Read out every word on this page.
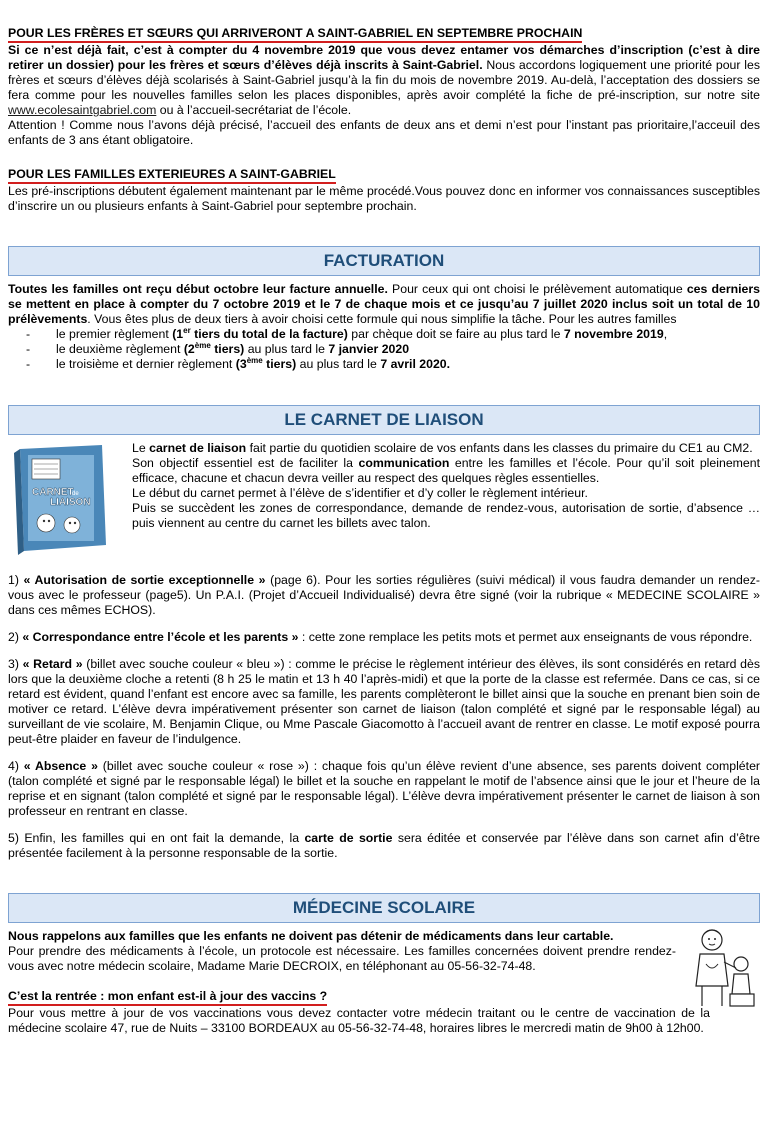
POUR LES FRÈRES ET SŒURS QUI ARRIVERONT A SAINT-GABRIEL EN SEPTEMBRE PROCHAIN

Si ce n’est déjà fait, c’est à compter du 4 novembre 2019 que vous devez entamer vos démarches d’inscription (c’est à dire retirer un dossier) pour les frères et sœurs d’élèves déjà inscrits à Saint-Gabriel. Nous accordons logiquement une priorité pour les frères et sœurs d’élèves déjà scolarisés à Saint-Gabriel jusqu’à la fin du mois de novembre 2019. Au-delà, l’acceptation des dossiers se fera comme pour les nouvelles familles selon les places disponibles, après avoir complété la fiche de pré-inscription, sur notre site www.ecolesaintgabriel.com ou à l’accueil-secrétariat de l’école.

Attention ! Comme nous l’avons déjà précisé, l’accueil des enfants de deux ans et demi n’est pour l’instant pas prioritaire,l’acceuil des enfants de 3 ans étant obligatoire.

POUR LES FAMILLES EXTERIEURES A SAINT-GABRIEL

Les pré-inscriptions débutent également maintenant par le même procédé.Vous pouvez donc en informer vos connaissances susceptibles d’inscrire un ou plusieurs enfants à Saint-Gabriel pour septembre prochain.

FACTURATION

Toutes les familles ont reçu début octobre leur facture annuelle. Pour ceux qui ont choisi le prélèvement automatique ces derniers se mettent en place à compter du 7 octobre 2019 et le 7 de chaque mois et ce jusqu’au 7 juillet 2020 inclus soit un total de 10 prélèvements. Vous êtes plus de deux tiers à avoir choisi cette formule qui nous simplifie la tâche. Pour les autres familles

- le premier règlement (1er tiers du total de la facture) par chèque doit se faire au plus tard le 7 novembre 2019,
- le deuxième règlement (2ème tiers) au plus tard le 7 janvier 2020
- le troisième et dernier règlement (3ème tiers) au plus tard le 7 avril 2020.
LE CARNET DE LIAISON
CARNET
de
LIAISON

Le carnet de liaison fait partie du quotidien scolaire de vos enfants dans les classes du primaire du CE1 au CM2.

Son objectif essentiel est de faciliter la communication entre les familles et l’école. Pour qu’il soit pleinement efficace, chacune et chacun devra veiller au respect des quelques règles essentielles.

Le début du carnet permet à l’élève de s’identifier et d’y coller le règlement intérieur.

Puis se succèdent les zones de correspondance, demande de rendez-vous, autorisation de sortie, d’absence … puis viennent au centre du carnet les billets avec talon.

1) « Autorisation de sortie exceptionnelle » (page 6). Pour les sorties régulières (suivi médical) il vous faudra demander un rendez-vous avec le professeur (page5). Un P.A.I. (Projet d’Accueil Individualisé) devra être signé (voir la rubrique « MEDECINE SCOLAIRE » dans ces mêmes ECHOS).

2) « Correspondance entre l’école et les parents » : cette zone remplace les petits mots et permet aux enseignants de vous répondre.

3) « Retard » (billet avec souche couleur « bleu ») : comme le précise le règlement intérieur des élèves, ils sont considérés en retard dès lors que la deuxième cloche a retenti (8 h 25 le matin et 13 h 40 l’après-midi) et que la porte de la classe est refermée. Dans ce cas, si ce retard est évident, quand l’enfant est encore avec sa famille, les parents complèteront le billet ainsi que la souche en prenant bien soin de motiver ce retard. L’élève devra impérativement présenter son carnet de liaison (talon complété et signé par le responsable légal) au surveillant de vie scolaire, M. Benjamin Clique, ou Mme Pascale Giacomotto à l’accueil avant de rentrer en classe. Le motif exposé pourra peut-être plaider en faveur de l’indulgence.

4) « Absence » (billet avec souche couleur « rose ») : chaque fois qu’un élève revient d’une absence, ses parents doivent compléter (talon complété et signé par le responsable légal) le billet et la souche en rappelant le motif de l’absence ainsi que le jour et l’heure de la reprise et en signant (talon complété et signé par le responsable légal). L’élève devra impérativement présenter le carnet de liaison à son professeur en rentrant en classe.

5) Enfin, les familles qui en ont fait la demande, la carte de sortie sera éditée et conservée par l’élève dans son carnet afin d’être présentée facilement à la personne responsable de la sortie.

MÉDECINE SCOLAIRE

Nous rappelons aux familles que les enfants ne doivent pas détenir de médicaments dans leur cartable.

Pour prendre des médicaments à l’école, un protocole est nécessaire. Les familles concernées doivent prendre rendez-vous avec notre médecin scolaire, Madame Marie DECROIX, en téléphonant au 05-56-32-74-48.

C’est la rentrée : mon enfant est-il à jour des vaccins ?

Pour vous mettre à jour de vos vaccinations vous devez contacter votre médecin traitant ou le centre de vaccination de la médecine scolaire 47, rue de Nuits – 33100 BORDEAUX au 05-56-32-74-48, horaires libres le mercredi matin de 9h00 à 12h00.
